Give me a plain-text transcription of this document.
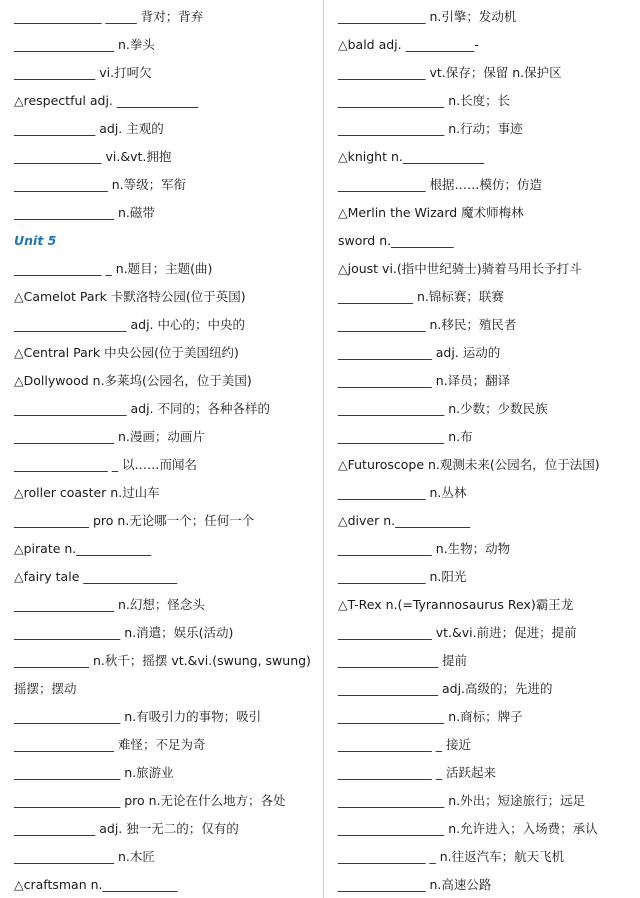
______________ _____ 背对；背弃
________________ n.拳头
_____________ vi.打呵欠
△respectful adj. _____________
_____________ adj. 主观的
______________ vi.&vt.拥抱
_______________ n.等级；军衔
________________ n.磁带
Unit 5
______________ _ n.题目；主题(曲)
△Camelot Park 卡默洛特公园(位于英国)
__________________ adj. 中心的；中央的
△Central Park 中央公园(位于美国纽约)
△Dollywood n.多莱坞(公园名，位于美国)
__________________ adj. 不同的；各种各样的
________________ n.漫画；动画片
_______________ _ 以……而闻名
△roller coaster n.过山车
____________ pro n.无论哪一个；任何一个
△pirate n.____________
△fairy tale _______________
________________ n.幻想；怪念头
_________________ n.消遣；娱乐(活动)
____________ n.秋千；摇摆 vt.&vi.(swung, swung)
摇摆；摆动
_________________ n.有吸引力的事物；吸引
________________ 难怪；不足为奇
_________________ n.旅游业
_________________ pro n.无论在什么地方；各处
_____________ adj. 独一无二的；仅有的
________________ n.木匠
△craftsman n.____________
______________ n.引擎；发动机
△bald adj. ___________-
______________ vt.保存；保留 n.保护区
_________________ n.长度；长
_________________ n.行动；事迹
△knight n._____________
______________ 根据……模仿；仿造
△Merlin the Wizard 魔术师梅林
sword n.__________
△joust vi.(指中世纪骑士)骑着马用长予打斗
____________ n.锦标赛；联赛
______________ n.移民；殖民者
_______________ adj. 运动的
_______________ n.译员；翻译
_________________ n.少数；少数民族
_________________ n.布
△Futuroscope n.观测未来(公园名，位于法国)
______________ n.丛林
△diver n.____________
_______________ n.生物；动物
______________ n.阳光
△T-Rex n.(=Tyrannosaurus Rex)霸王龙
_______________ vt.&vi.前进；促进；提前
________________ 提前
________________ adj.高级的；先进的
_________________ n.商标；牌子
_______________ _ 接近
_______________ _ 活跃起来
_________________ n.外出；短途旅行；远足
_________________ n.允许进入；入场费；承认
______________ _ n.往返汽车；航天飞机
______________ n.高速公路
